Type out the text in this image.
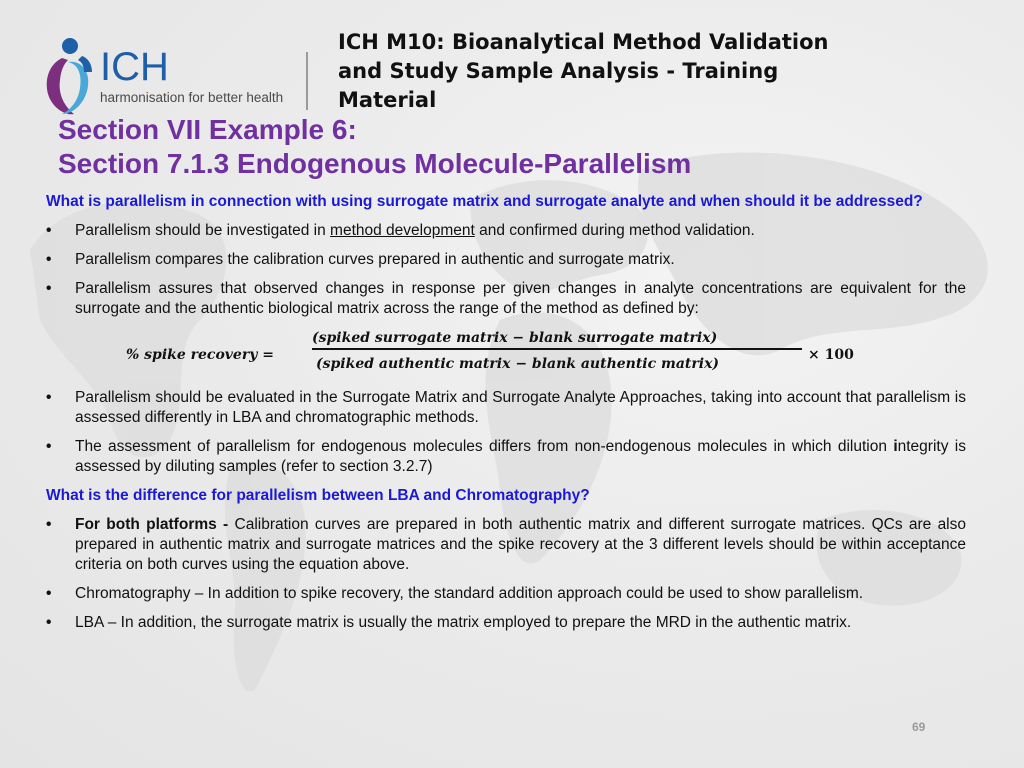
ICH
harmonisation for better health
ICH M10: Bioanalytical Method Validation and Study Sample Analysis - Training Material
Section VII Example 6:
Section 7.1.3 Endogenous Molecule-Parallelism
What is parallelism in connection with using surrogate matrix and surrogate analyte and when should it be addressed?
• Parallelism should be investigated in method development and confirmed during method validation.
• Parallelism compares the calibration curves prepared in authentic and surrogate matrix.
• Parallelism assures that observed changes in response per given changes in analyte concentrations are equivalent for the surrogate and the authentic biological matrix across the range of the method as defined by:
% spike recovery =
(spiked surrogate matrix − blank surrogate matrix)
(spiked authentic matrix − blank authentic matrix)
× 100
• Parallelism should be evaluated in the Surrogate Matrix and Surrogate Analyte Approaches, taking into account that parallelism is assessed differently in LBA and chromatographic methods.
• The assessment of parallelism for endogenous molecules differs from non-endogenous molecules in which dilution integrity is assessed by diluting samples (refer to section 3.2.7)
What is the difference for parallelism between LBA and Chromatography?
• For both platforms - Calibration curves are prepared in both authentic matrix and different surrogate matrices. QCs are also prepared in authentic matrix and surrogate matrices and the spike recovery at the 3 different levels should be within acceptance criteria on both curves using the equation above.
• Chromatography – In addition to spike recovery, the standard addition approach could be used to show parallelism.
• LBA – In addition, the surrogate matrix is usually the matrix employed to prepare the MRD in the authentic matrix.
69
